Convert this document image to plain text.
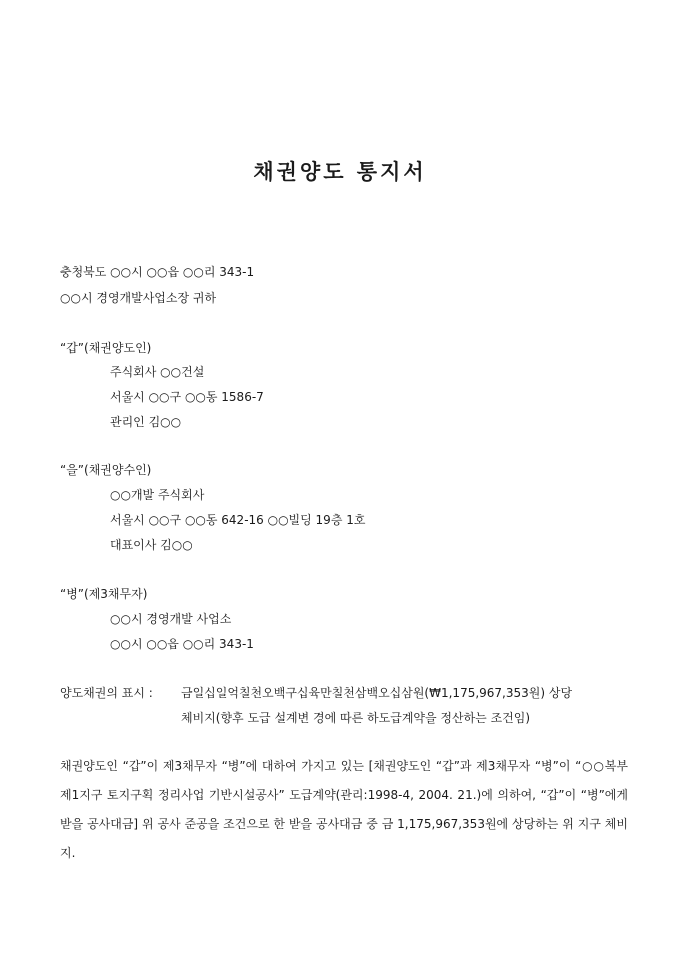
채권양도 통지서
충청북도 ○○시 ○○읍 ○○리 343-1
○○시 경영개발사업소장 귀하
“갑”(채권양도인)
주식회사 ○○건설
서울시 ○○구 ○○동 1586-7
관리인 김○○
“을”(채권양수인)
○○개발 주식회사
서울시 ○○구 ○○동 642-16 ○○빌딩 19층 1호
대표이사 김○○
“병”(제3채무자)
○○시 경영개발 사업소
○○시 ○○읍 ○○리 343-1
양도채권의 표시 : 금일십일억칠천오백구십육만칠천삼백오십삼원(₩1,175,967,353원) 상당
체비지(향후 도급 설계변 경에 따른 하도급계약을 정산하는 조건임)
채권양도인 “갑”이 제3채무자 “병”에 대하여 가지고 있는 [채권양도인 “갑”과 제3채무자 “병”이 “○○복부 제1지구 토지구획 정리사업 기반시설공사” 도급계약(관리:1998-4, 2004. 21.)에 의하여, “갑”이 “병”에게 받을 공사대금] 위 공사 준공을 조건으로 한 받을 공사대금 중 금 1,175,967,353원에 상당하는 위 지구 체비지.
